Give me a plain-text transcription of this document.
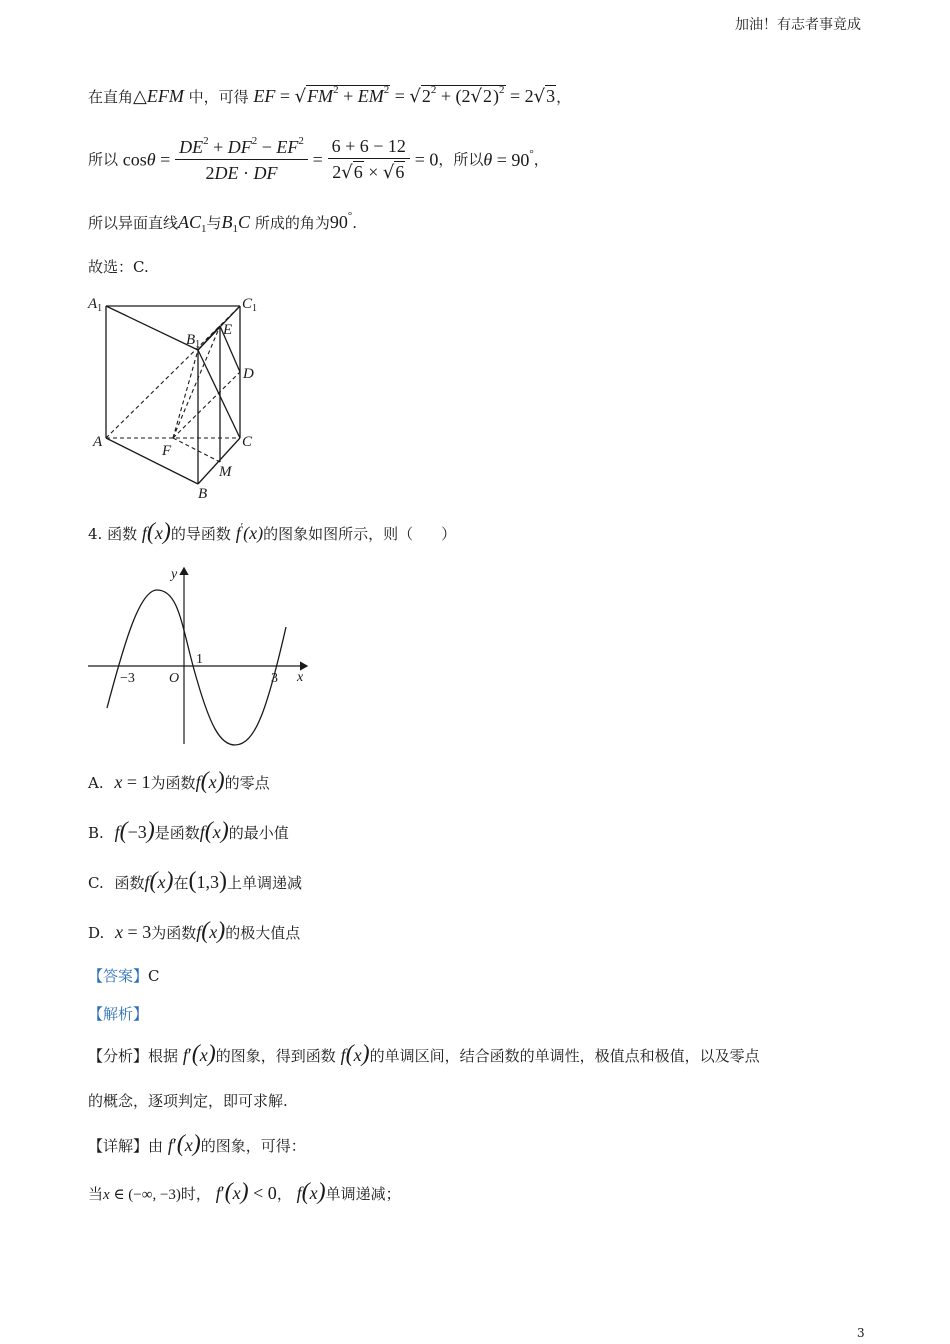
加油！有志者事竟成
在直角△EFM 中，可得 EF = $√FM^2 + EM^2 = √2^2 + (2√2)^2 = 2√3$，
所以 $\cos\theta = \frac{DE^2 + DF^2 - EF^2}{2DE \cdot DF} = \frac{6 + 6 - 12}{2√6 \times √6} = 0$，所以θ = 90°，
所以异面直线$AC_1$与$B_1C$ 所成的角为90°.
故选：C.
$A_1$	$C_1$
$B_1$
E
D
A
F
C
M
B
4. 函数 f(x)的导函数 f′(x)的图象如图所示，则（ ）
y
x
−3 O
1
3
A. x = 1为函数f(x)的零点
B. f(−3)是函数f(x)的最小值
C. 函数f(x)在(1,3)上单调递减
D. x = 3为函数f(x)的极大值点
【答案】C
【解析】
【分析】根据 f′(x)的图象，得到函数 f(x)的单调区间，结合函数的单调性，极值点和极值，以及零点
的概念，逐项判定，即可求解.
【详解】由 f′(x)的图象，可得：
当x ∈ (−∞, −3)时， f′(x) < 0， f(x)单调递减；
3
